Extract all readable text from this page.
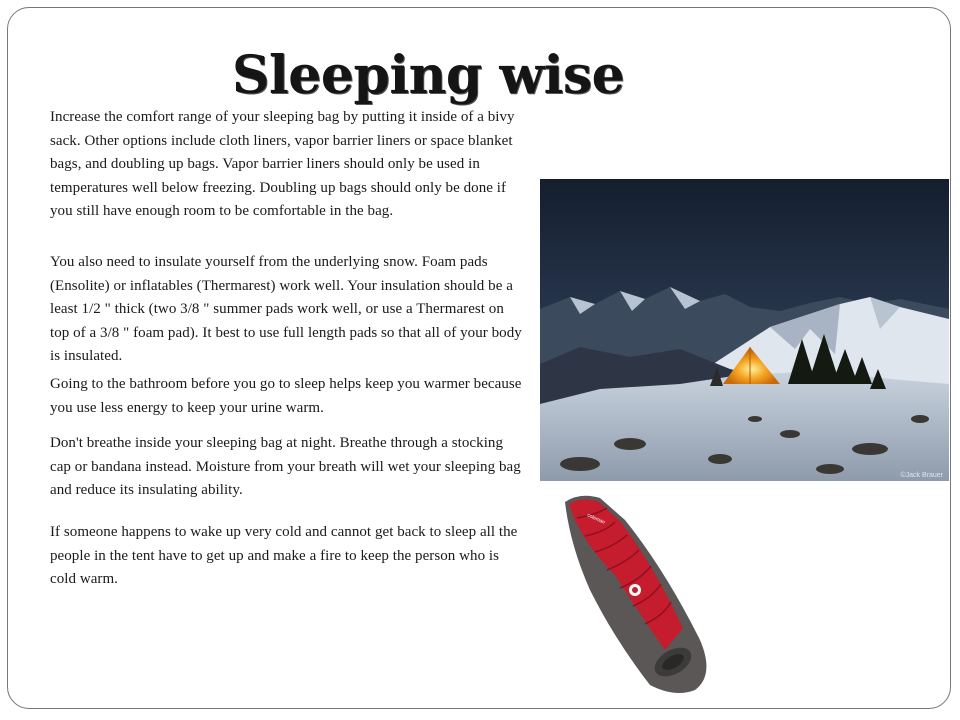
Sleeping wise

Increase the comfort range of your sleeping bag by putting it inside of a bivy sack. Other options include cloth liners, vapor barrier liners or space blanket bags, and doubling up bags. Vapor barrier liners should only be used in temperatures well below freezing. Doubling up bags should only be done if you still have enough room to be comfortable in the bag.

You also need to insulate yourself from the underlying snow. Foam pads (Ensolite) or inflatables (Thermarest) work well. Your insulation should be a least 1/2 " thick (two 3/8 " summer pads work well, or use a Thermarest on top of a 3/8 " foam pad). It best to use full length pads so that all of your body is insulated.

Going to the bathroom before you go to sleep helps keep you warmer because you use less energy to keep your urine warm.

Don't breathe inside your sleeping bag at night. Breathe through a stocking cap or bandana instead. Moisture from your breath will wet your sleeping bag and reduce its insulating ability.

If someone happens to wake up very cold and cannot get back to sleep all the people in the tent have to get up and make a fire to keep the person who is cold warm.

©Jack Brauer
coleman
